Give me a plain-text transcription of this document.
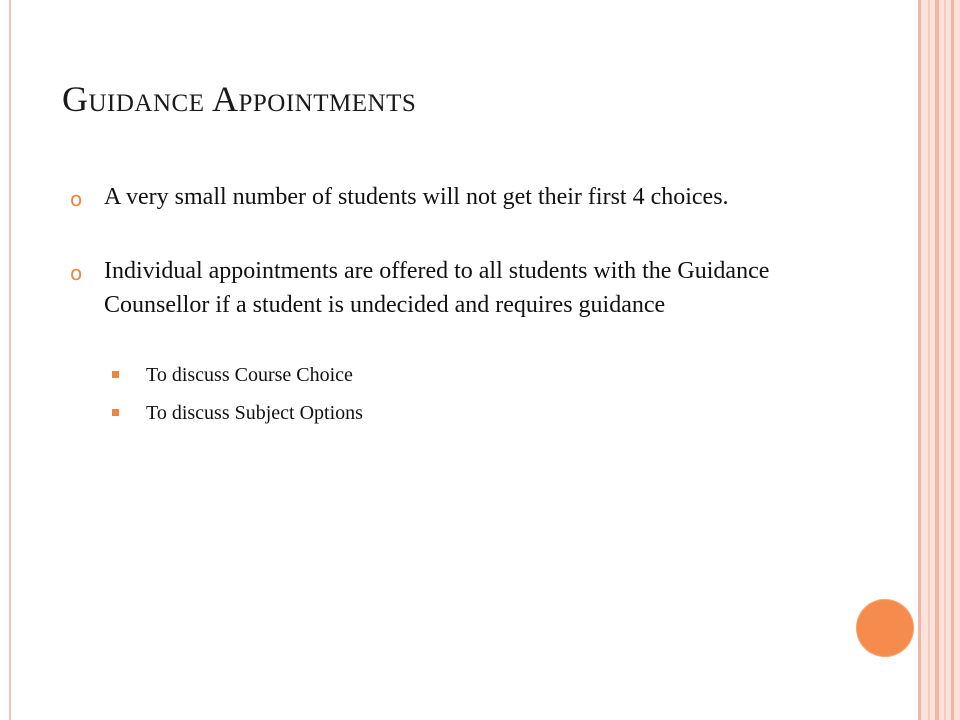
Guidance Appointments
o A very small number of students will not get their first 4 choices.
o Individual appointments are offered to all students with the Guidance Counsellor if a student is undecided and requires guidance
To discuss Course Choice
To discuss Subject Options
